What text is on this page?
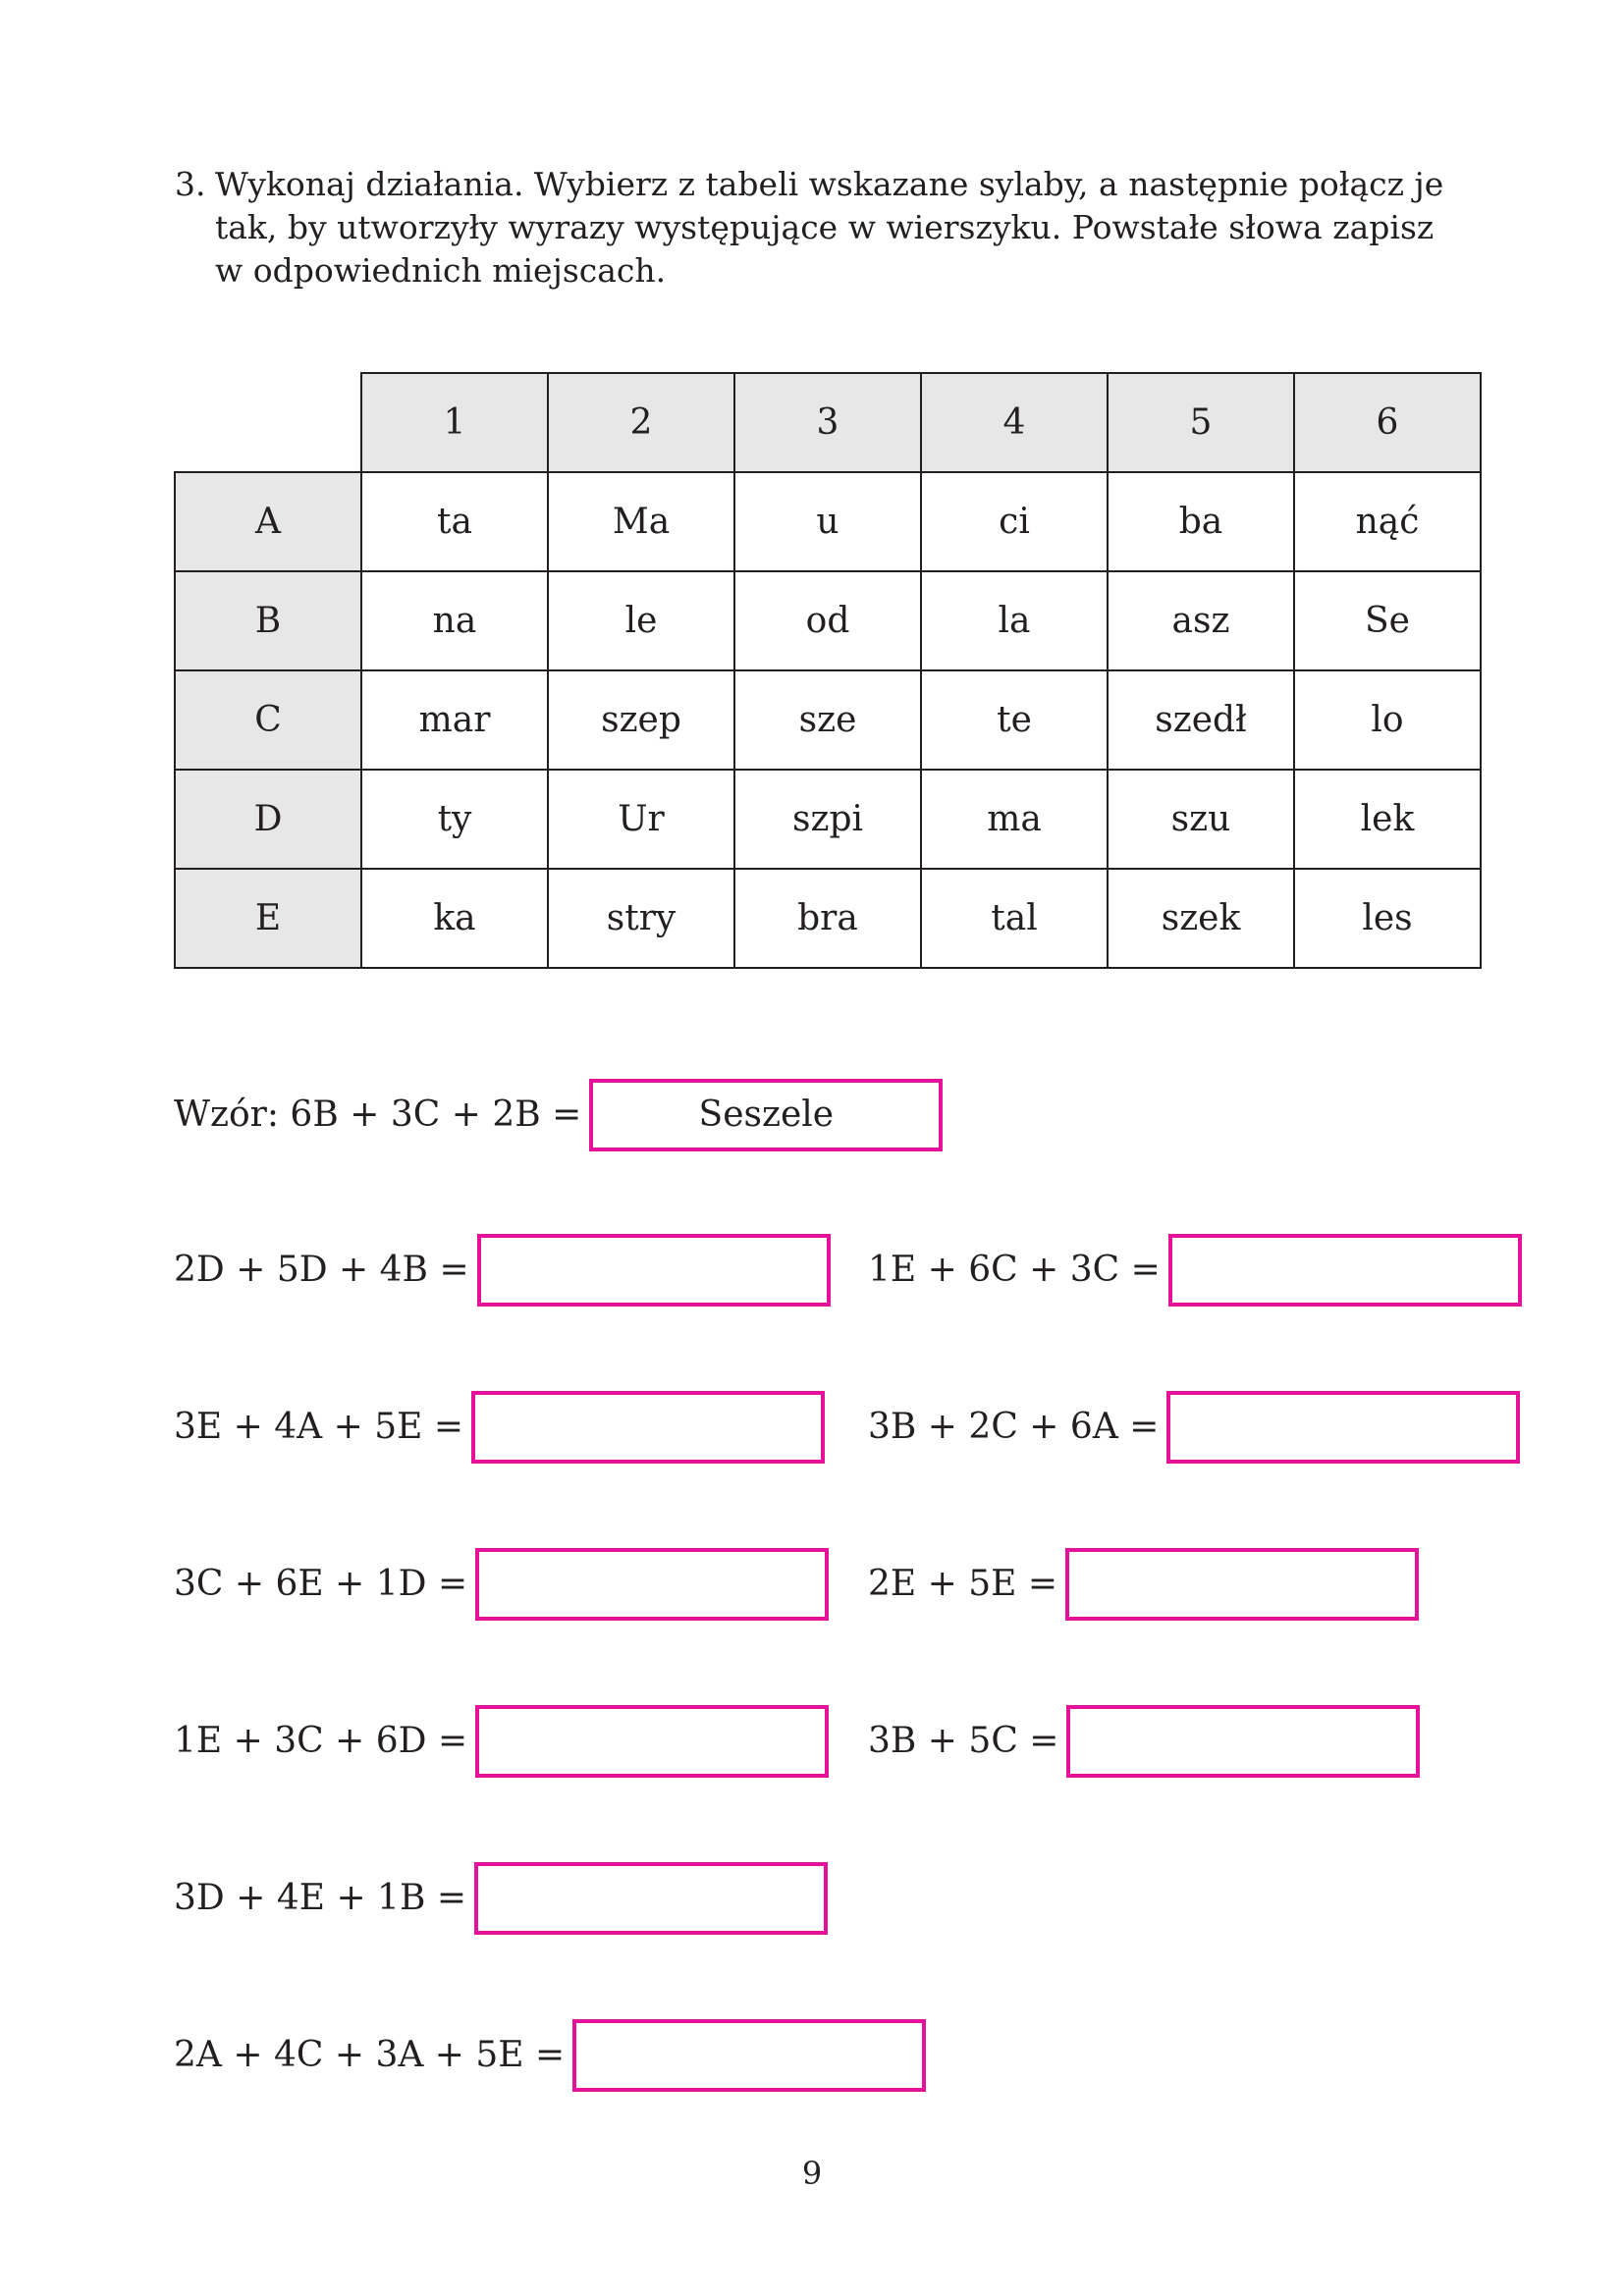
3. Wykonaj działania. Wybierz z tabeli wskazane sylaby, a następnie połącz je tak, by utworzyły wyrazy występujące w wierszyku. Powstałe słowa zapisz w odpowiednich miejscach.
	1	2	3	4	5	6
A	ta	Ma	u	ci	ba	nąć
B	na	le	od	la	asz	Se
C	mar	szep	sze	te	szedł	lo
D	ty	Ur	szpi	ma	szu	lek
E	ka	stry	bra	tal	szek	les
Wzór: 6B + 3C + 2B =	Seszele
2D + 5D + 4B =	1E + 6C + 3C =
3E + 4A + 5E =	3B + 2C + 6A =
3C + 6E + 1D =	2E + 5E =
1E + 3C + 6D =	3B + 5C =
3D + 4E + 1B =
2A + 4C + 3A + 5E =
9
